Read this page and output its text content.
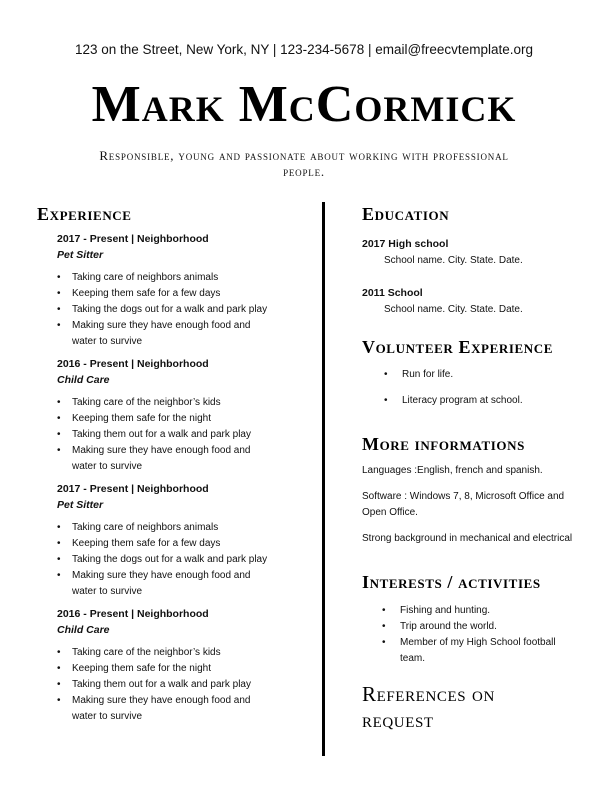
123 on the Street, New York, NY | 123-234-5678 | email@freecvtemplate.org
Mark McCormick
Responsible, young and passionate about working with professional people.
Experience
2017 - Present | Neighborhood
Pet Sitter
• Taking care of neighbors animals
• Keeping them safe for a few days
• Taking the dogs out for a walk and park play
• Making sure they have enough food and
water to survive
2016 - Present | Neighborhood
Child Care
• Taking care of the neighbor’s kids
• Keeping them safe for the night
• Taking them out for a walk and park play
• Making sure they have enough food and
water to survive
2017 - Present | Neighborhood
Pet Sitter
• Taking care of neighbors animals
• Keeping them safe for a few days
• Taking the dogs out for a walk and park play
• Making sure they have enough food and
water to survive
2016 - Present | Neighborhood
Child Care
• Taking care of the neighbor’s kids
• Keeping them safe for the night
• Taking them out for a walk and park play
• Making sure they have enough food and
water to survive
Education
2017 High school
School name. City. State. Date.
2011 School
School name. City. State. Date.
Volunteer Experience
• Run for life.
• Literacy program at school.
More informations
Languages :English, french and spanish.
Software : Windows 7, 8, Microsoft Office and
Open Office.
Strong background in mechanical and electrical
Interests / activities
• Fishing and hunting.
• Trip around the world.
• Member of my High School football
team.
References on
request
